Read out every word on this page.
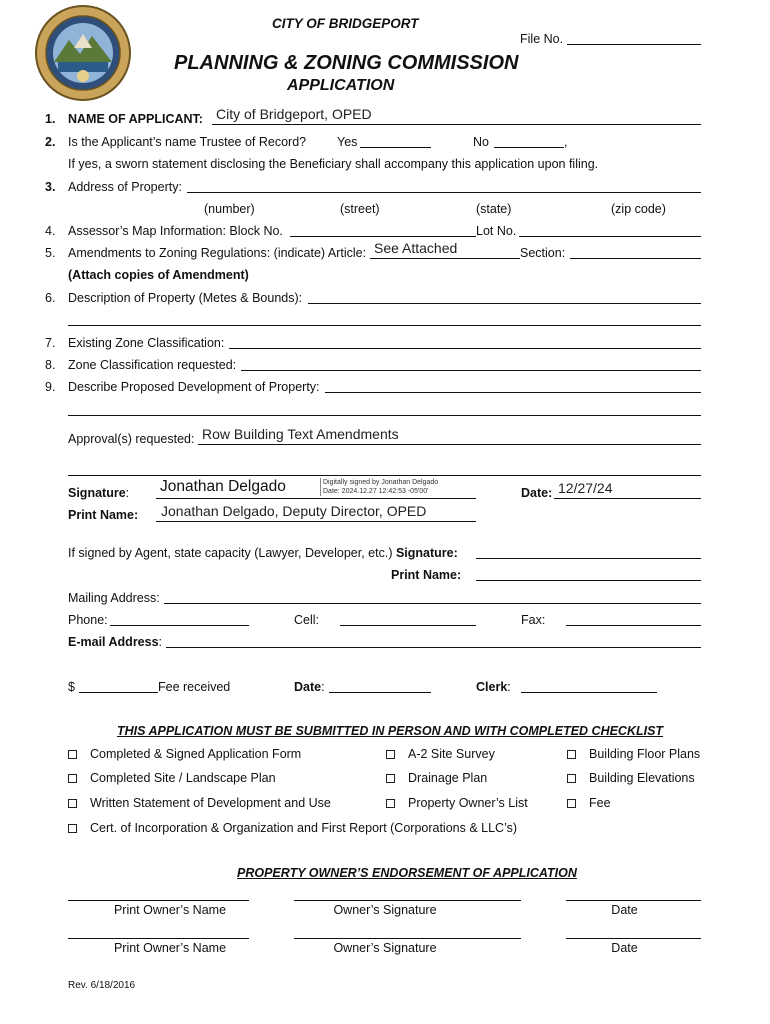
CITY OF BRIDGEPORT
File No.
PLANNING & ZONING COMMISSION
APPLICATION
1. NAME OF APPLICANT: City of Bridgeport, OPED
2. Is the Applicant’s name Trustee of Record? Yes	No	,
If yes, a sworn statement disclosing the Beneficiary shall accompany this application upon filing.
3. Address of Property:
(number)	(street)	(state)	(zip code)
4. Assessor’s Map Information: Block No.	Lot No.
5. Amendments to Zoning Regulations: (indicate) Article: See Attached	Section:
(Attach copies of Amendment)
6. Description of Property (Metes & Bounds):
7. Existing Zone Classification:
8. Zone Classification requested:
9. Describe Proposed Development of Property:
Approval(s) requested: Row Building Text Amendments
Signature: Jonathan Delgado	Digitally signed by Jonathan Delgado
Date: 2024.12.27 12:42:53 -05'00'	Date: 12/27/24
Print Name: Jonathan Delgado, Deputy Director, OPED
If signed by Agent, state capacity (Lawyer, Developer, etc.) Signature:
Print Name:
Mailing Address:
Phone:	Cell:	Fax:
E-mail Address:
$	Fee received	Date:	Clerk:
THIS APPLICATION MUST BE SUBMITTED IN PERSON AND WITH COMPLETED CHECKLIST
Completed & Signed Application Form	A-2 Site Survey	Building Floor Plans
Completed Site / Landscape Plan	Drainage Plan	Building Elevations
Written Statement of Development and Use	Property Owner’s List	Fee
Cert. of Incorporation & Organization and First Report (Corporations & LLC’s)
PROPERTY OWNER’S ENDORSEMENT OF APPLICATION
Print Owner’s Name	Owner’s Signature	Date
Print Owner’s Name	Owner’s Signature	Date
Rev. 6/18/2016
